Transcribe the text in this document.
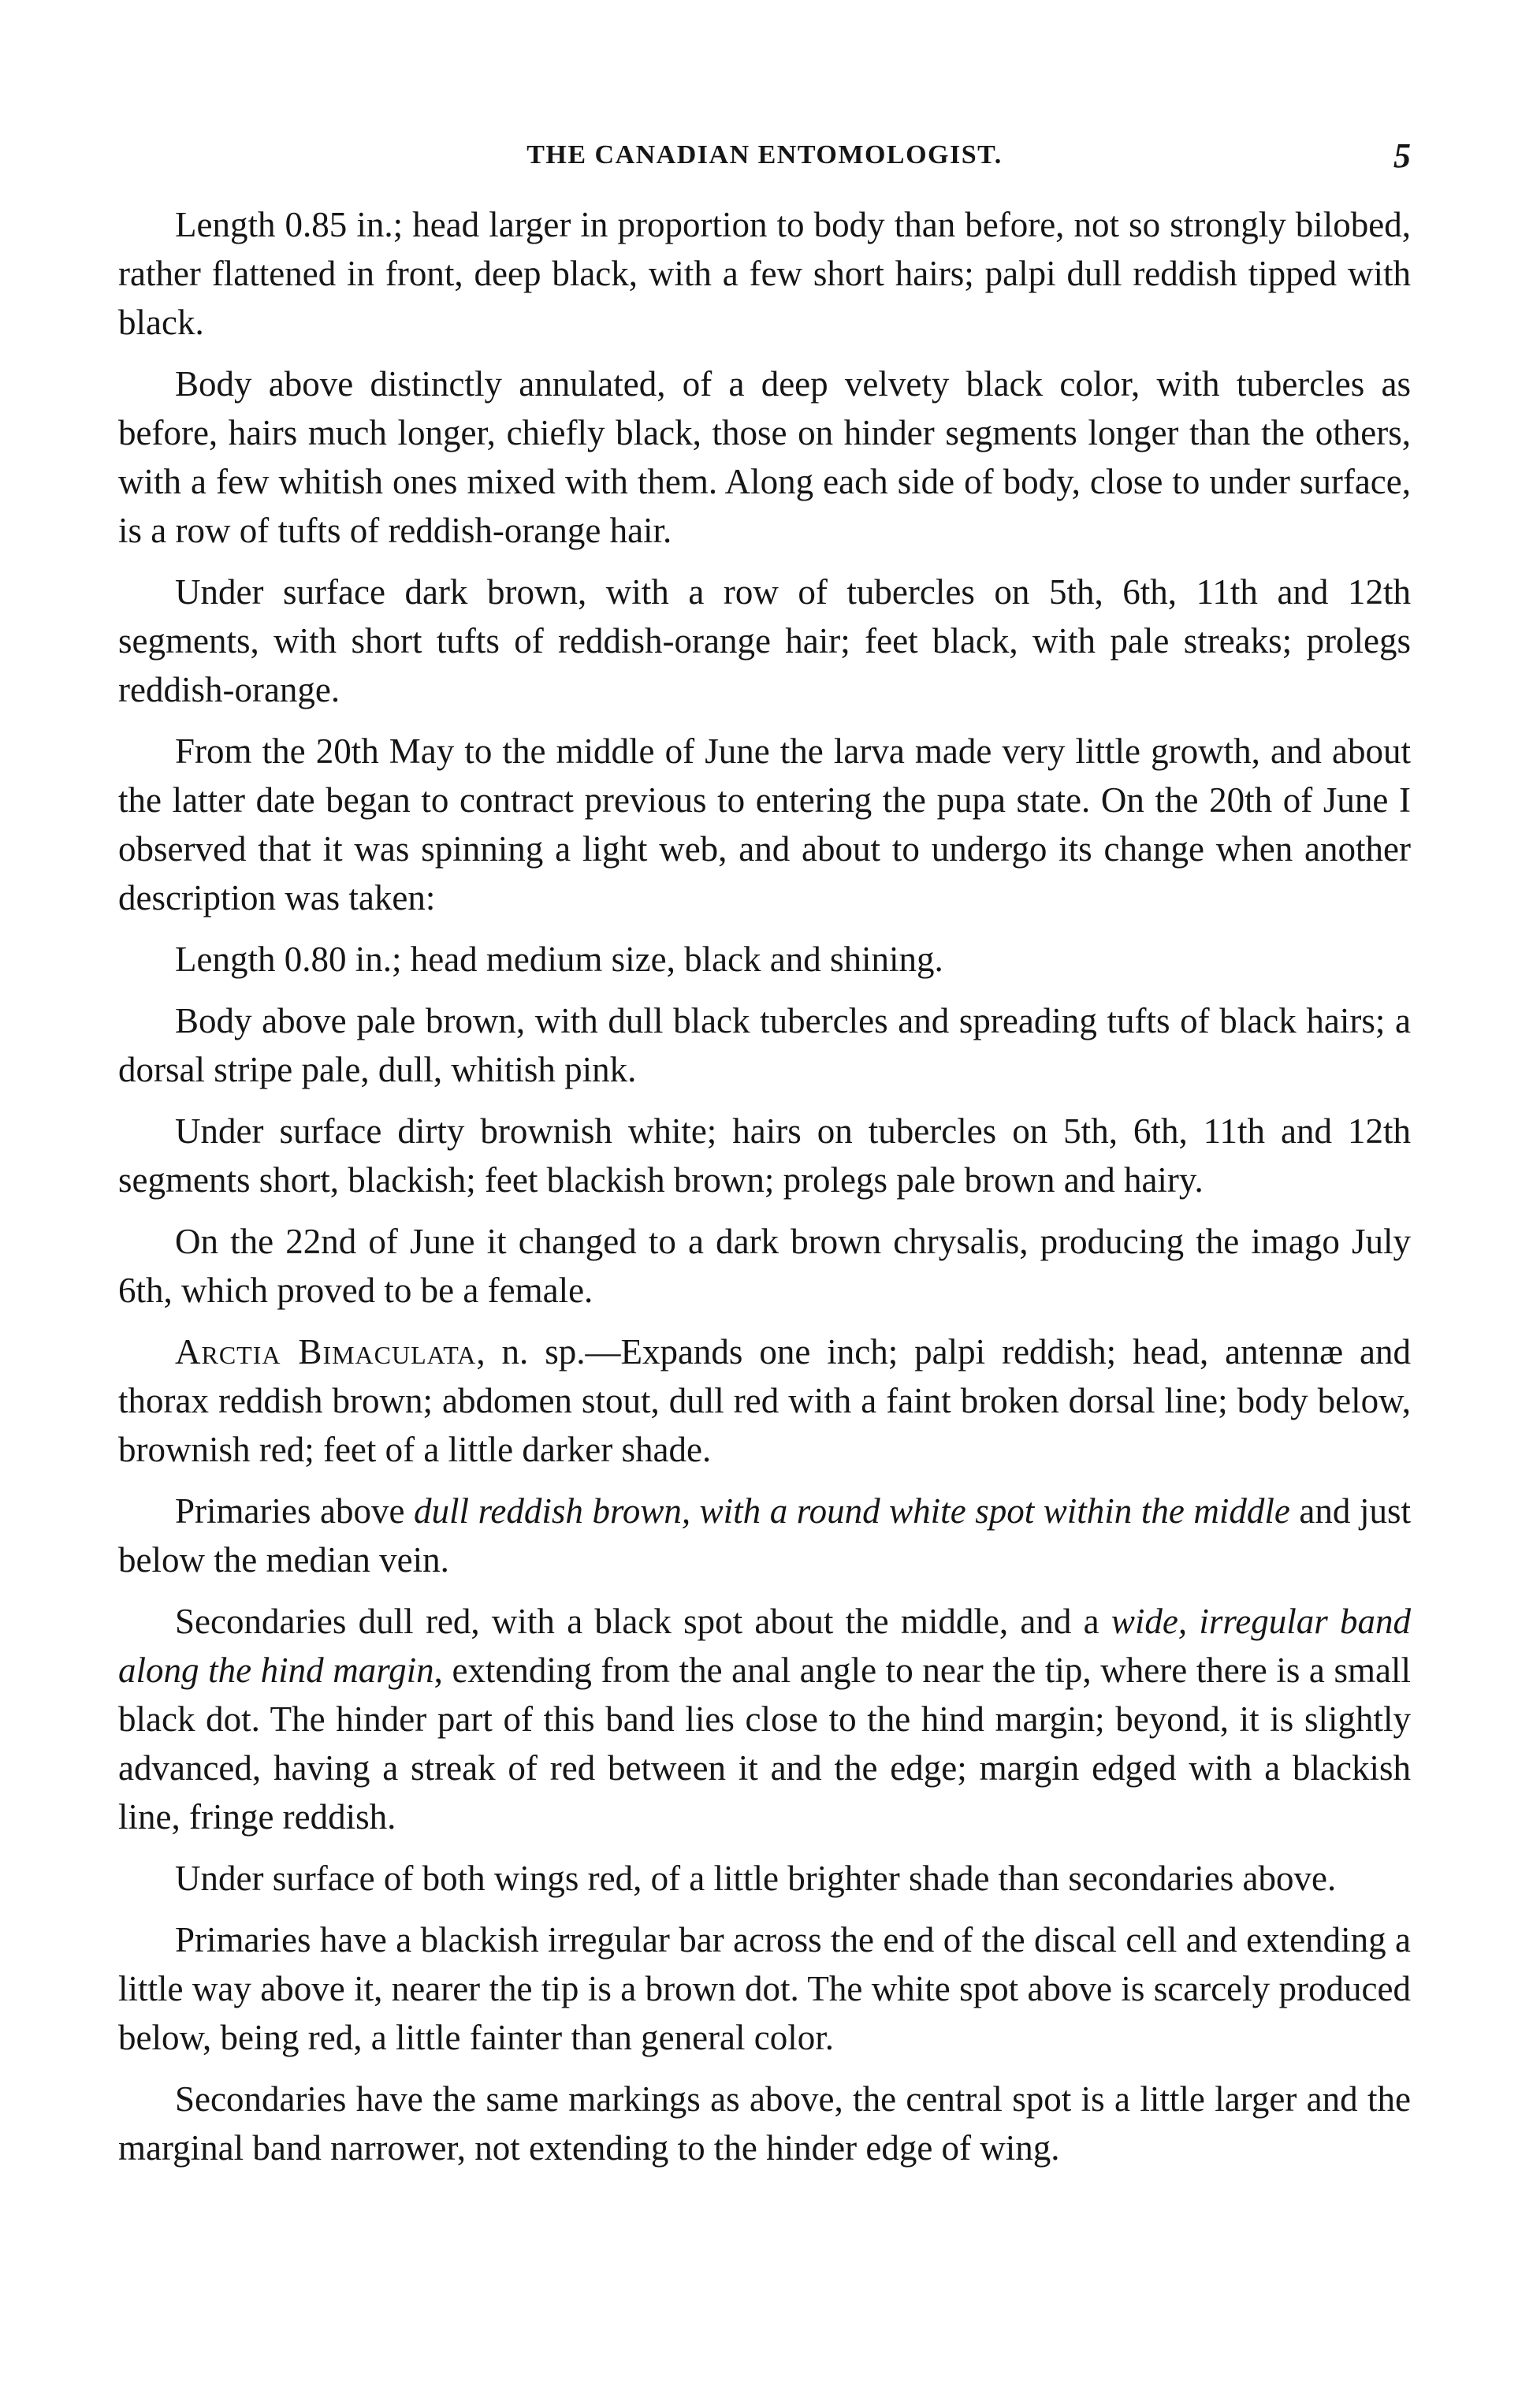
THE CANADIAN ENTOMOLOGIST.	5

Length 0.85 in.; head larger in proportion to body than before, not so strongly bilobed, rather flattened in front, deep black, with a few short hairs; palpi dull reddish tipped with black.

Body above distinctly annulated, of a deep velvety black color, with tubercles as before, hairs much longer, chiefly black, those on hinder segments longer than the others, with a few whitish ones mixed with them. Along each side of body, close to under surface, is a row of tufts of reddish-orange hair.

Under surface dark brown, with a row of tubercles on 5th, 6th, 11th and 12th segments, with short tufts of reddish-orange hair; feet black, with pale streaks; prolegs reddish-orange.

From the 20th May to the middle of June the larva made very little growth, and about the latter date began to contract previous to entering the pupa state. On the 20th of June I observed that it was spinning a light web, and about to undergo its change when another description was taken:

Length 0.80 in.; head medium size, black and shining.

Body above pale brown, with dull black tubercles and spreading tufts of black hairs; a dorsal stripe pale, dull, whitish pink.

Under surface dirty brownish white; hairs on tubercles on 5th, 6th, 11th and 12th segments short, blackish; feet blackish brown; prolegs pale brown and hairy.

On the 22nd of June it changed to a dark brown chrysalis, producing the imago July 6th, which proved to be a female.

Arctia Bimaculata, n. sp.—Expands one inch; palpi reddish; head, antennæ and thorax reddish brown; abdomen stout, dull red with a faint broken dorsal line; body below, brownish red; feet of a little darker shade.

Primaries above dull reddish brown, with a round white spot within the middle and just below the median vein.

Secondaries dull red, with a black spot about the middle, and a wide, irregular band along the hind margin, extending from the anal angle to near the tip, where there is a small black dot. The hinder part of this band lies close to the hind margin; beyond, it is slightly advanced, having a streak of red between it and the edge; margin edged with a blackish line, fringe reddish.

Under surface of both wings red, of a little brighter shade than secondaries above.

Primaries have a blackish irregular bar across the end of the discal cell and extending a little way above it, nearer the tip is a brown dot. The white spot above is scarcely produced below, being red, a little fainter than general color.

Secondaries have the same markings as above, the central spot is a little larger and the marginal band narrower, not extending to the hinder edge of wing.
